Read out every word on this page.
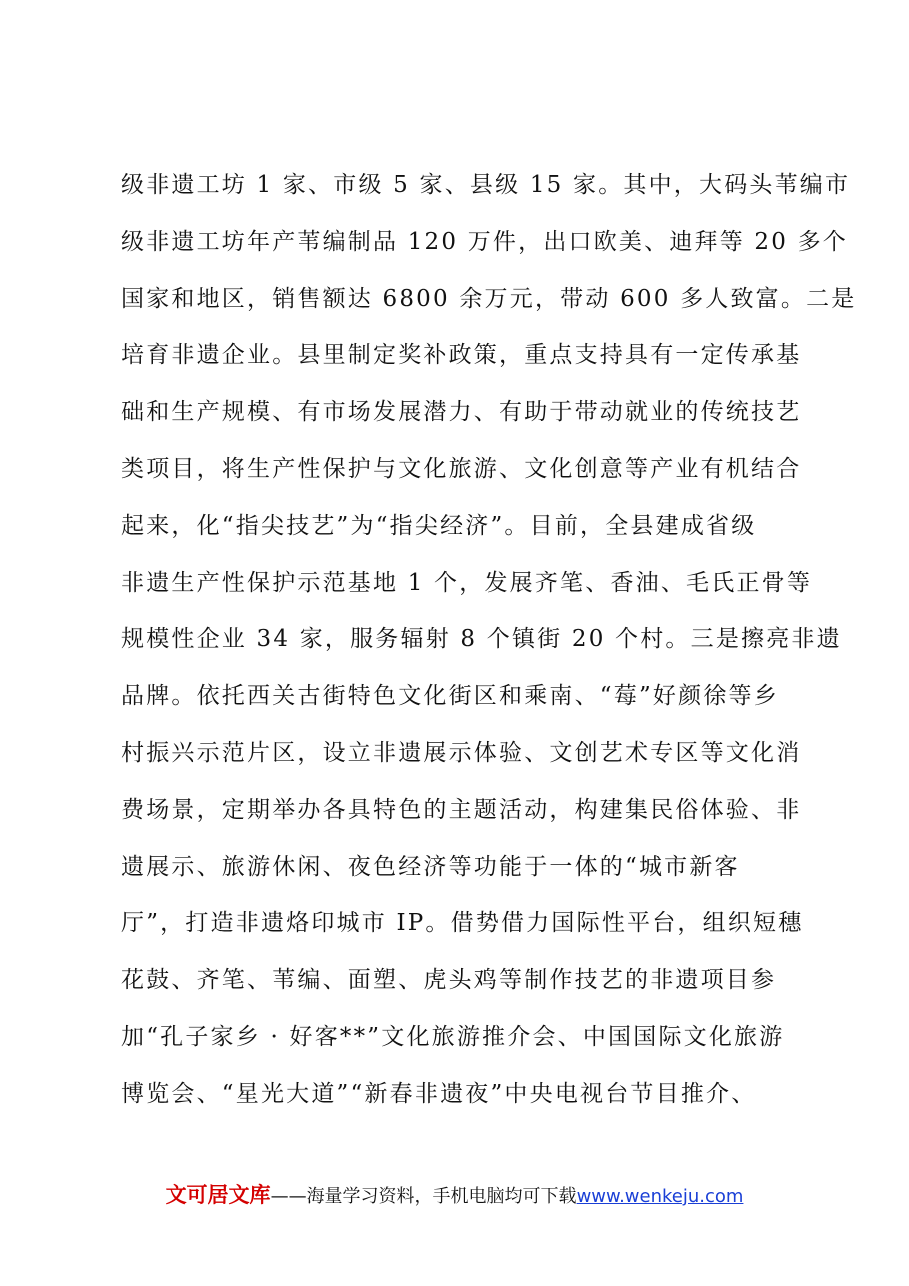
级非遗工坊 1 家、市级 5 家、县级 15 家。其中，大码头苇编市
级非遗工坊年产苇编制品 120 万件，出口欧美、迪拜等 20 多个
国家和地区，销售额达 6800 余万元，带动 600 多人致富。二是
培育非遗企业。县里制定奖补政策，重点支持具有一定传承基
础和生产规模、有市场发展潜力、有助于带动就业的传统技艺
类项目，将生产性保护与文化旅游、文化创意等产业有机结合
起来，化“指尖技艺”为“指尖经济”。目前，全县建成省级
非遗生产性保护示范基地 1 个，发展齐笔、香油、毛氏正骨等
规模性企业 34 家，服务辐射 8 个镇街 20 个村。三是擦亮非遗
品牌。依托西关古街特色文化街区和乘南、“莓”好颜徐等乡
村振兴示范片区，设立非遗展示体验、文创艺术专区等文化消
费场景，定期举办各具特色的主题活动，构建集民俗体验、非
遗展示、旅游休闲、夜色经济等功能于一体的“城市新客
厅”，打造非遗烙印城市 IP。借势借力国际性平台，组织短穗
花鼓、齐笔、苇编、面塑、虎头鸡等制作技艺的非遗项目参
加“孔子家乡 · 好客**”文化旅游推介会、中国国际文化旅游
博览会、“星光大道”“新春非遗夜”中央电视台节目推介、
文可居文库——海量学习资料，手机电脑均可下载www.wenkeju.com
